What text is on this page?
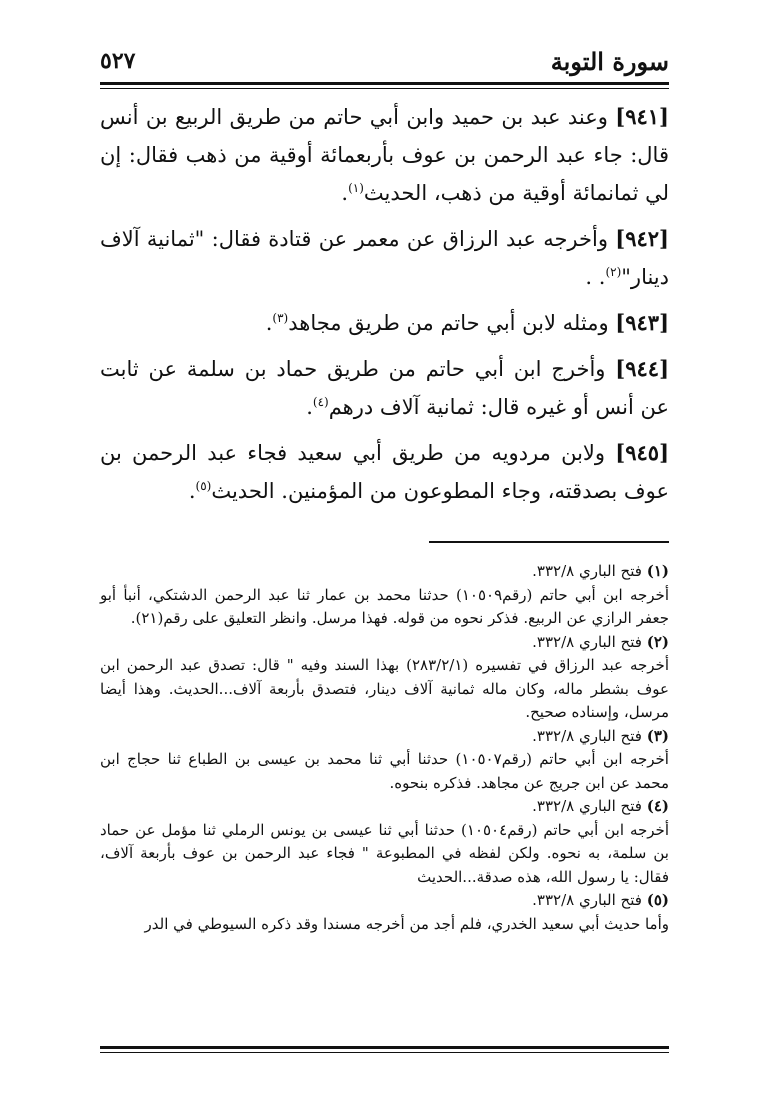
٥٢٧	سورة التوبة

[٩٤١] وعند عبد بن حميد وابن أبي حاتم من طريق الربيع بن أنس قال: جاء عبد الرحمن بن عوف بأربعمائة أوقية من ذهب فقال: إن لي ثمانمائة أوقية من ذهب، الحديث$^{(١)}$.

[٩٤٢] وأخرجه عبد الرزاق عن معمر عن قتادة فقال: "ثمانية آلاف دينار"$^{(٢)}$. .

[٩٤٣] ومثله لابن أبي حاتم من طريق مجاهد$^{(٣)}$.

[٩٤٤] وأخرج ابن أبي حاتم من طريق حماد بن سلمة عن ثابت عن أنس أو غيره قال: ثمانية آلاف درهم$^{(٤)}$.

[٩٤٥] ولابن مردويه من طريق أبي سعيد فجاء عبد الرحمن بن عوف بصدقته، وجاء المطوعون من المؤمنين. الحديث$^{(٥)}$.

(١) فتح الباري ٣٣٢/٨.

أخرجه ابن أبي حاتم (رقم١٠٥٠٩) حدثنا محمد بن عمار ثنا عبد الرحمن الدشتكي، أنبأ أبو جعفر الرازي عن الربيع. فذكر نحوه من قوله. فهذا مرسل. وانظر التعليق على رقم(٢١).

(٢) فتح الباري ٣٣٢/٨.

أخرجه عبد الرزاق في تفسيره (٢٨٣/٢/١) بهذا السند وفيه " قال: تصدق عبد الرحمن ابن عوف بشطر ماله، وكان ماله ثمانية آلاف دينار، فتصدق بأربعة آلاف...الحديث. وهذا أيضا مرسل، وإسناده صحيح.

(٣) فتح الباري ٣٣٢/٨.

أخرجه ابن أبي حاتم (رقم١٠٥٠٧) حدثنا أبي ثنا محمد بن عيسى بن الطباع ثنا حجاج ابن محمد عن ابن جريج عن مجاهد. فذكره بنحوه.

(٤) فتح الباري ٣٣٢/٨.

أخرجه ابن أبي حاتم (رقم١٠٥٠٤) حدثنا أبي ثنا عيسى بن يونس الرملي ثنا مؤمل عن حماد بن سلمة، به نحوه. ولكن لفظه في المطبوعة " فجاء عبد الرحمن بن عوف بأربعة آلاف، فقال: يا رسول الله، هذه صدقة...الحديث

(٥) فتح الباري ٣٣٢/٨.

وأما حديث أبي سعيد الخدري، فلم أجد من أخرجه مسندا وقد ذكره السيوطي في الدر
